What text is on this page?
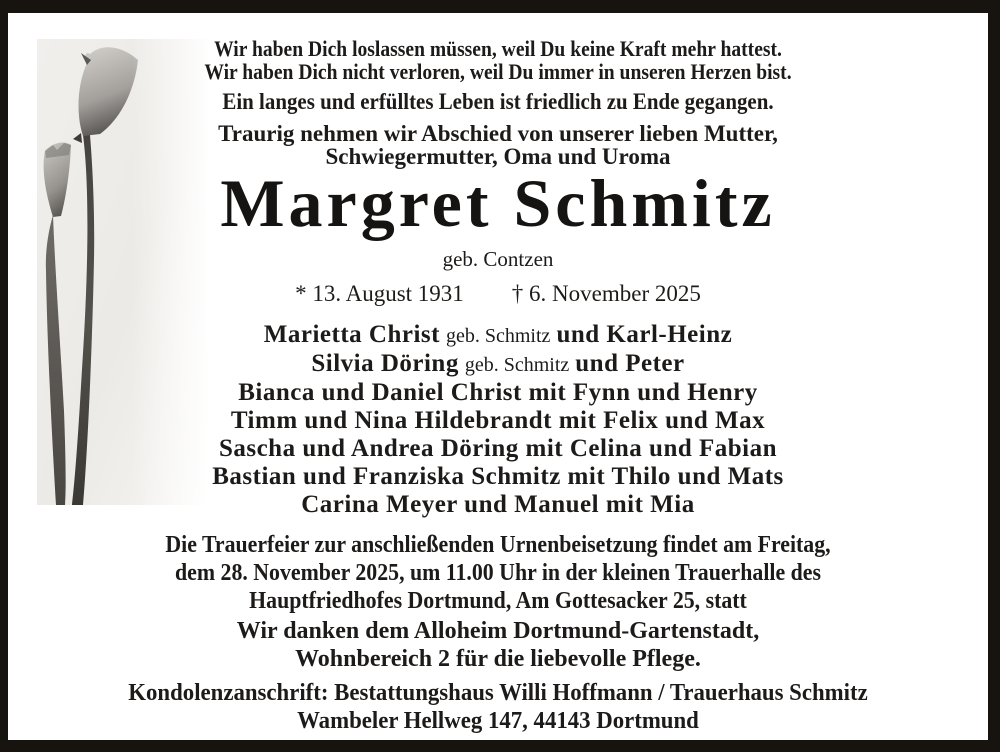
Wir haben Dich loslassen müssen, weil Du keine Kraft mehr hattest.
Wir haben Dich nicht verloren, weil Du immer in unseren Herzen bist.
Ein langes und erfülltes Leben ist friedlich zu Ende gegangen.
Traurig nehmen wir Abschied von unserer lieben Mutter,
Schwiegermutter, Oma und Uroma
Margret Schmitz
geb. Contzen
* 13. August 1931 † 6. November 2025
Marietta Christ geb. Schmitz und Karl-Heinz
Silvia Döring geb. Schmitz und Peter
Bianca und Daniel Christ mit Fynn und Henry
Timm und Nina Hildebrandt mit Felix und Max
Sascha und Andrea Döring mit Celina und Fabian
Bastian und Franziska Schmitz mit Thilo und Mats
Carina Meyer und Manuel mit Mia
Die Trauerfeier zur anschließenden Urnenbeisetzung findet am Freitag,
dem 28. November 2025, um 11.00 Uhr in der kleinen Trauerhalle des
Hauptfriedhofes Dortmund, Am Gottesacker 25, statt
Wir danken dem Alloheim Dortmund-Gartenstadt,
Wohnbereich 2 für die liebevolle Pflege.
Kondolenzanschrift: Bestattungshaus Willi Hoffmann / Trauerhaus Schmitz
Wambeler Hellweg 147, 44143 Dortmund
